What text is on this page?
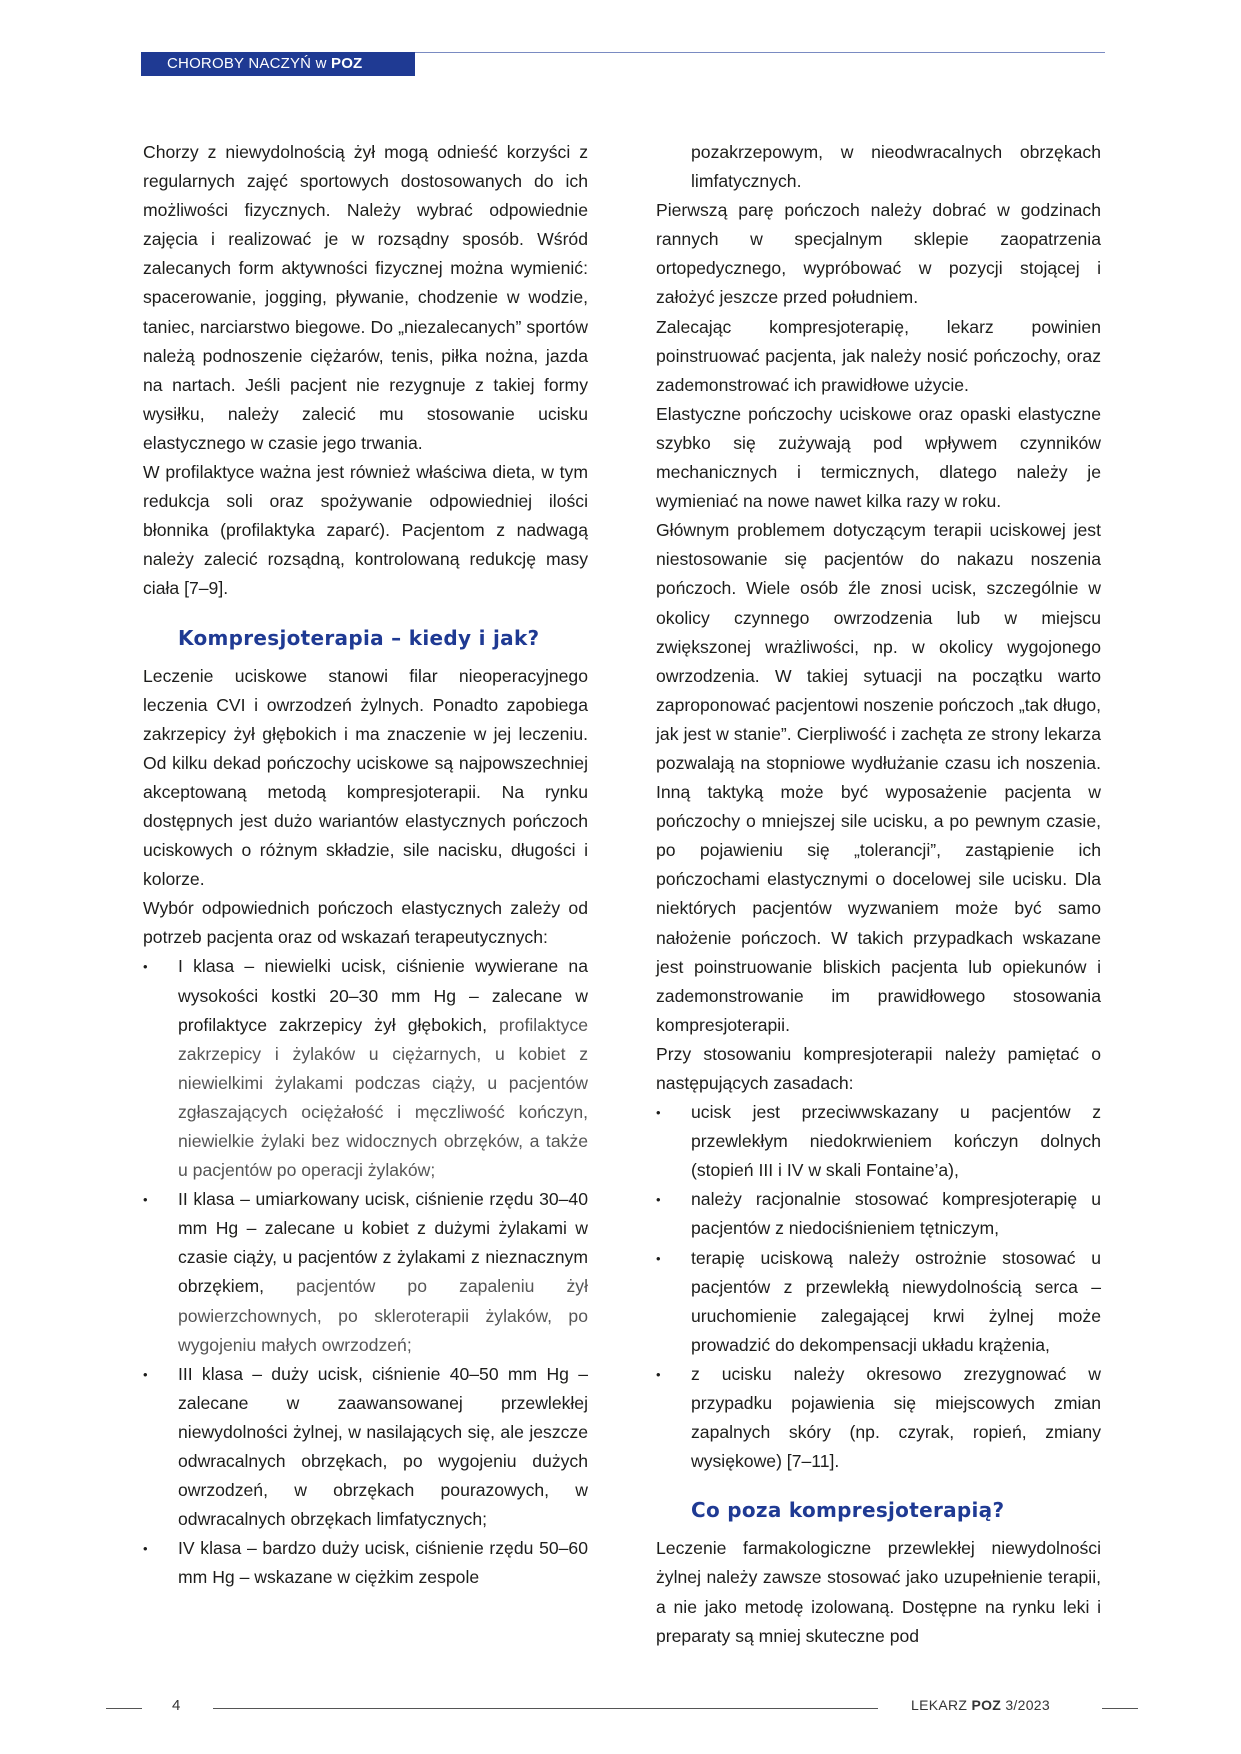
CHOROBY NACZYŃ w POZ

Chorzy z niewydolnością żył mogą odnieść korzyści z regularnych zajęć sportowych dostosowanych do ich możliwości fizycznych. Należy wybrać odpowiednie zajęcia i realizować je w rozsądny sposób. Wśród zalecanych form aktywności fizycznej można wymienić: spacerowanie, jogging, pływanie, chodzenie w wodzie, taniec, narciarstwo biegowe. Do „niezalecanych” sportów należą podnoszenie ciężarów, tenis, piłka nożna, jazda na nartach. Jeśli pacjent nie rezygnuje z takiej formy wysiłku, należy zalecić mu stosowanie ucisku elastycznego w czasie jego trwania.

W profilaktyce ważna jest również właściwa dieta, w tym redukcja soli oraz spożywanie odpowiedniej ilości błonnika (profilaktyka zaparć). Pacjentom z nadwagą należy zalecić rozsądną, kontrolowaną redukcję masy ciała [7–9].

Kompresjoterapia – kiedy i jak?

Leczenie uciskowe stanowi filar nieoperacyjnego leczenia CVI i owrzodzeń żylnych. Ponadto zapobiega zakrzepicy żył głębokich i ma znaczenie w jej leczeniu. Od kilku dekad pończochy uciskowe są najpowszechniej akceptowaną metodą kompresjoterapii. Na rynku dostępnych jest dużo wariantów elastycznych pończoch uciskowych o różnym składzie, sile nacisku, długości i kolorze.

Wybór odpowiednich pończoch elastycznych zależy od potrzeb pacjenta oraz od wskazań terapeutycznych:

• I klasa – niewielki ucisk, ciśnienie wywierane na wysokości kostki 20–30 mm Hg – zalecane w profilaktyce zakrzepicy żył głębokich, profilaktyce zakrzepicy i żylaków u ciężarnych, u kobiet z niewielkimi żylakami podczas ciąży, u pacjentów zgłaszających ociężałość i męczliwość kończyn, niewielkie żylaki bez widocznych obrzęków, a także u pacjentów po operacji żylaków;
• II klasa – umiarkowany ucisk, ciśnienie rzędu 30–40 mm Hg – zalecane u kobiet z dużymi żylakami w czasie ciąży, u pacjentów z żylakami z nieznacznym obrzękiem, pacjentów po zapaleniu żył powierzchownych, po skleroterapii żylaków, po wygojeniu małych owrzodzeń;
• III klasa – duży ucisk, ciśnienie 40–50 mm Hg – zalecane w zaawansowanej przewlekłej niewydolności żylnej, w nasilających się, ale jeszcze odwracalnych obrzękach, po wygojeniu dużych owrzodzeń, w obrzękach pourazowych, w odwracalnych obrzękach limfatycznych;
• IV klasa – bardzo duży ucisk, ciśnienie rzędu 50–60 mm Hg – wskazane w ciężkim zespole
pozakrzepowym, w nieodwracalnych obrzękach limfatycznych.

Pierwszą parę pończoch należy dobrać w godzinach rannych w specjalnym sklepie zaopatrzenia ortopedycznego, wypróbować w pozycji stojącej i założyć jeszcze przed południem.

Zalecając kompresjoterapię, lekarz powinien poinstruować pacjenta, jak należy nosić pończochy, oraz zademonstrować ich prawidłowe użycie.

Elastyczne pończochy uciskowe oraz opaski elastyczne szybko się zużywają pod wpływem czynników mechanicznych i termicznych, dlatego należy je wymieniać na nowe nawet kilka razy w roku.

Głównym problemem dotyczącym terapii uciskowej jest niestosowanie się pacjentów do nakazu noszenia pończoch. Wiele osób źle znosi ucisk, szczególnie w okolicy czynnego owrzodzenia lub w miejscu zwiększonej wrażliwości, np. w okolicy wygojonego owrzodzenia. W takiej sytuacji na początku warto zaproponować pacjentowi noszenie pończoch „tak długo, jak jest w stanie”. Cierpliwość i zachęta ze strony lekarza pozwalają na stopniowe wydłużanie czasu ich noszenia. Inną taktyką może być wyposażenie pacjenta w pończochy o mniejszej sile ucisku, a po pewnym czasie, po pojawieniu się „tolerancji”, zastąpienie ich pończochami elastycznymi o docelowej sile ucisku. Dla niektórych pacjentów wyzwaniem może być samo nałożenie pończoch. W takich przypadkach wskazane jest poinstruowanie bliskich pacjenta lub opiekunów i zademonstrowanie im prawidłowego stosowania kompresjoterapii.

Przy stosowaniu kompresjoterapii należy pamiętać o następujących zasadach:

• ucisk jest przeciwwskazany u pacjentów z przewlekłym niedokrwieniem kończyn dolnych (stopień III i IV w skali Fontaine’a),
• należy racjonalnie stosować kompresjoterapię u pacjentów z niedociśnieniem tętniczym,
• terapię uciskową należy ostrożnie stosować u pacjentów z przewlekłą niewydolnością serca – uruchomienie zalegającej krwi żylnej może prowadzić do dekompensacji układu krążenia,
• z ucisku należy okresowo zrezygnować w przypadku pojawienia się miejscowych zmian zapalnych skóry (np. czyrak, ropień, zmiany wysiękowe) [7–11].
Co poza kompresjoterapią?

Leczenie farmakologiczne przewlekłej niewydolności żylnej należy zawsze stosować jako uzupełnienie terapii, a nie jako metodę izolowaną. Dostępne na rynku leki i preparaty są mniej skuteczne pod

4	LEKARZ POZ 3/2023
